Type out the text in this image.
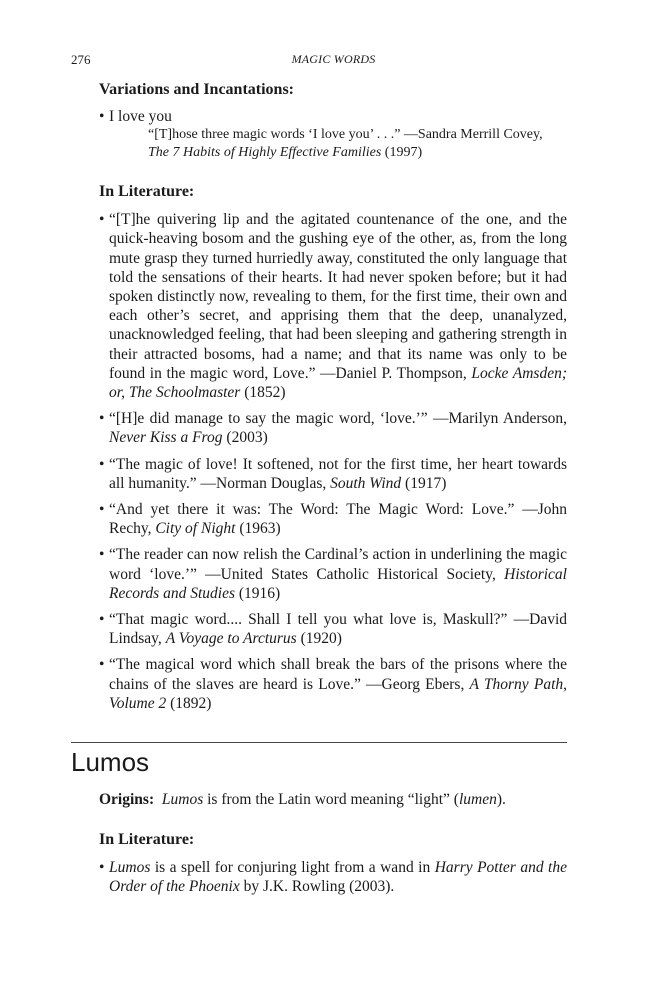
276	MAGIC WORDS

Variations and Incantations:

• I love you
“[T]hose three magic words ‘I love you’ . . .” —Sandra Merrill Covey, The 7 Habits of Highly Effective Families (1997)

In Literature:

• “[T]he quivering lip and the agitated countenance of the one, and the quick-heaving bosom and the gushing eye of the other, as, from the long mute grasp they turned hurriedly away, constituted the only language that told the sensations of their hearts. It had never spoken before; but it had spoken distinctly now, revealing to them, for the first time, their own and each other’s secret, and apprising them that the deep, unanalyzed, unacknowledged feeling, that had been sleeping and gathering strength in their attracted bosoms, had a name; and that its name was only to be found in the magic word, Love.” —Daniel P. Thompson, Locke Amsden; or, The Schoolmaster (1852)
• “[H]e did manage to say the magic word, ‘love.’” —Marilyn Anderson, Never Kiss a Frog (2003)
• “The magic of love! It softened, not for the first time, her heart towards all humanity.” —Norman Douglas, South Wind (1917)
• “And yet there it was: The Word: The Magic Word: Love.” —John Rechy, City of Night (1963)
• “The reader can now relish the Cardinal’s action in underlining the magic word ‘love.’” —United States Catholic Historical Society, Historical Records and Studies (1916)
• “That magic word.... Shall I tell you what love is, Maskull?” —David Lindsay, A Voyage to Arcturus (1920)
• “The magical word which shall break the bars of the prisons where the chains of the slaves are heard is Love.” —Georg Ebers, A Thorny Path, Volume 2 (1892)
Lumos
Origins: Lumos is from the Latin word meaning “light” (lumen).

In Literature:

• Lumos is a spell for conjuring light from a wand in Harry Potter and the Order of the Phoenix by J.K. Rowling (2003).
